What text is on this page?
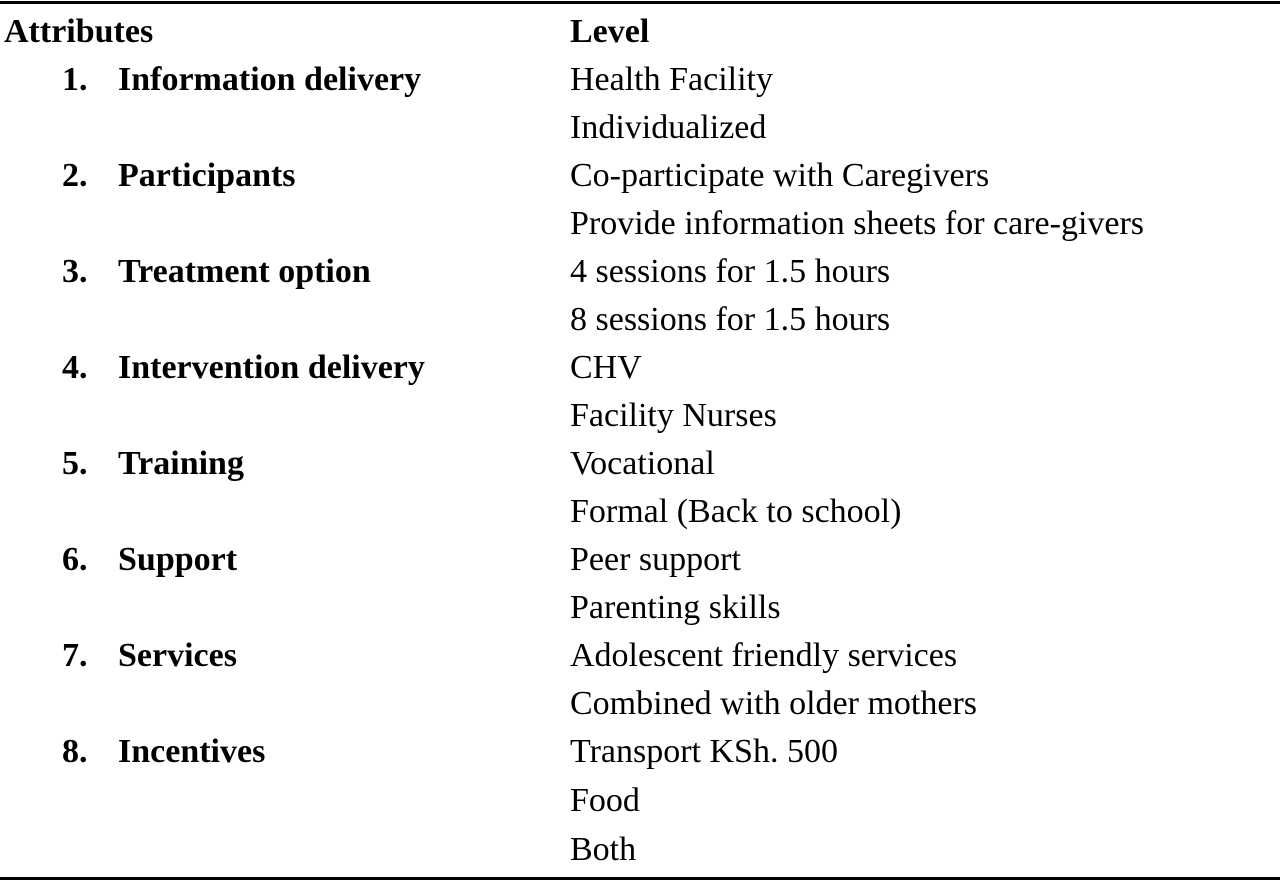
Attributes	Level
1. Information delivery	Health Facility
Individualized
2. Participants	Co-participate with Caregivers
Provide information sheets for care-givers
3. Treatment option	4 sessions for 1.5 hours
8 sessions for 1.5 hours
4. Intervention delivery	CHV
Facility Nurses
5. Training	Vocational
Formal (Back to school)
6. Support	Peer support
Parenting skills
7. Services	Adolescent friendly services
Combined with older mothers
8. Incentives	Transport KSh. 500
Food
Both
